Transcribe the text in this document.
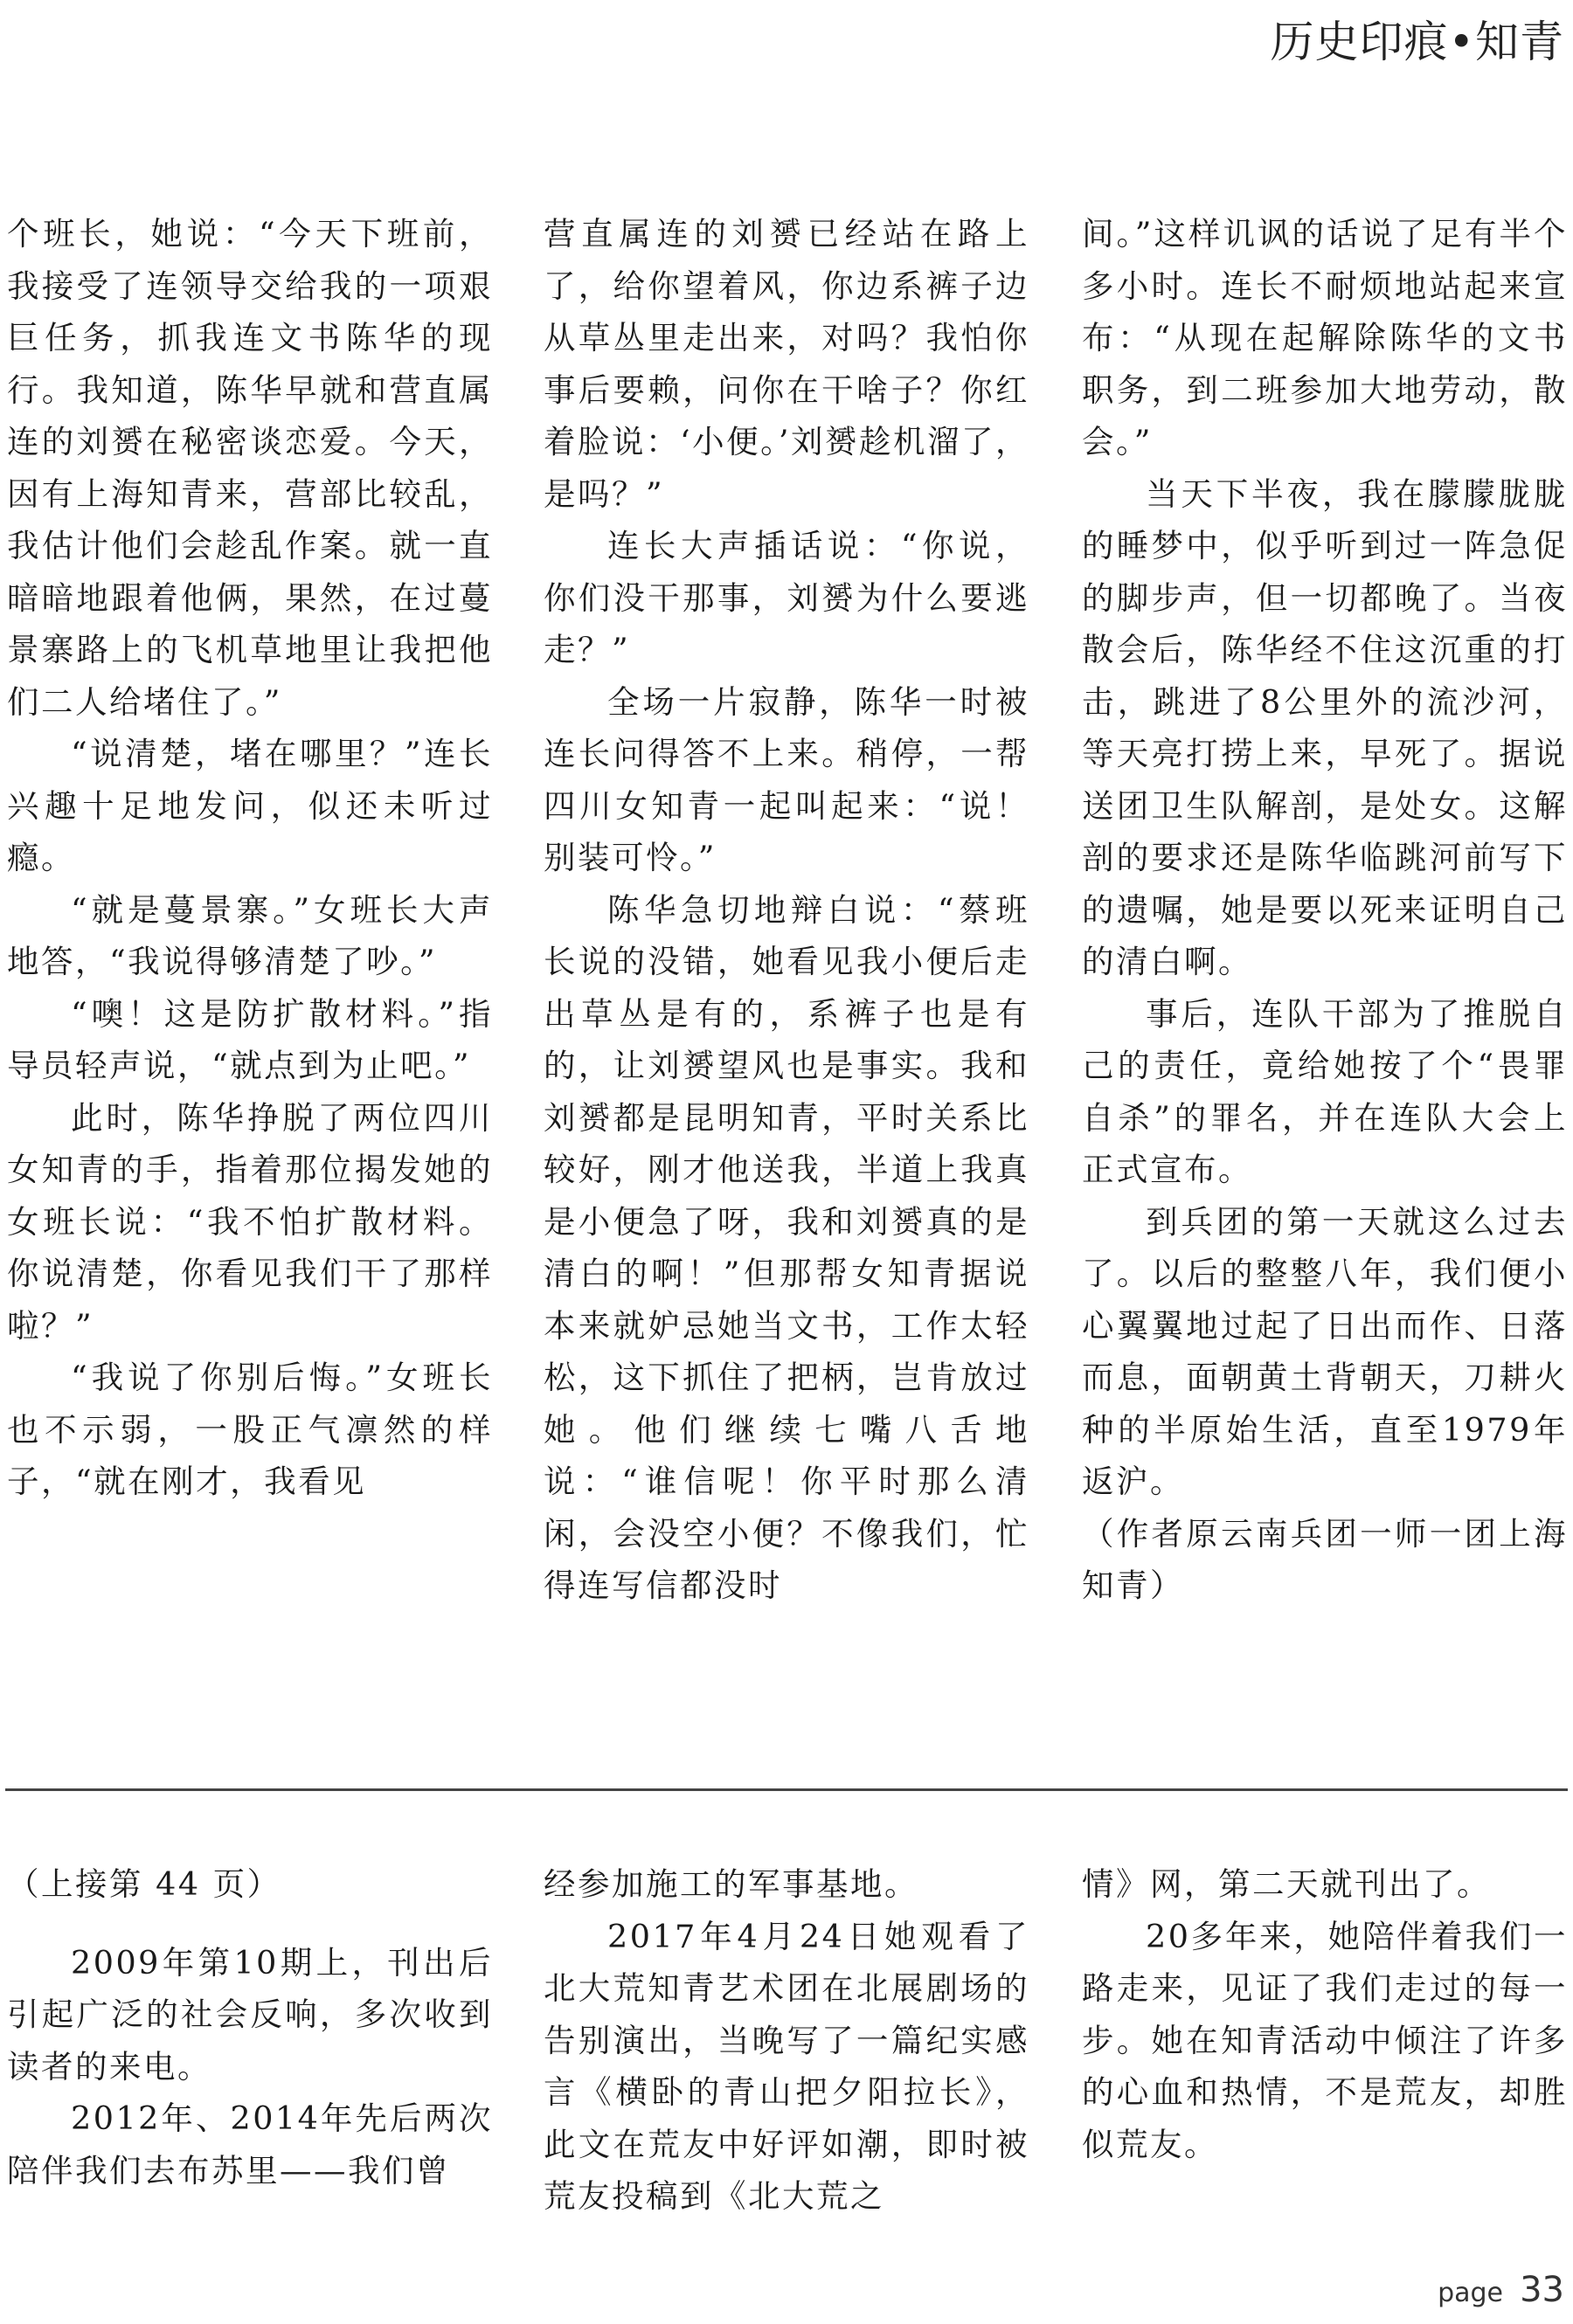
历史印痕•知青

个班长，她说：“今天下班前，我接受了连领导交给我的一项艰巨任务，抓我连文书陈华的现行。我知道，陈华早就和营直属连的刘赟在秘密谈恋爱。今天，因有上海知青来，营部比较乱，我估计他们会趁乱作案。就一直暗暗地跟着他俩，果然，在过蔓景寨路上的飞机草地里让我把他们二人给堵住了。”

“说清楚，堵在哪里？”连长兴趣十足地发问，似还未听过瘾。

“就是蔓景寨。”女班长大声地答，“我说得够清楚了吵。”

“噢！这是防扩散材料。”指导员轻声说，“就点到为止吧。”

此时，陈华挣脱了两位四川女知青的手，指着那位揭发她的女班长说：“我不怕扩散材料。你说清楚，你看见我们干了那样啦？”

“我说了你别后悔。”女班长也不示弱，一股正气凛然的样子，“就在刚才，我看见

营直属连的刘赟已经站在路上了，给你望着风，你边系裤子边从草丛里走出来，对吗？我怕你事后要赖，问你在干啥子？你红着脸说：‘小便。’刘赟趁机溜了，是吗？”

连长大声插话说：“你说，你们没干那事，刘赟为什么要逃走？”

全场一片寂静，陈华一时被连长问得答不上来。稍停，一帮四川女知青一起叫起来：“说！别装可怜。”

陈华急切地辩白说：“蔡班长说的没错，她看见我小便后走出草丛是有的，系裤子也是有的，让刘赟望风也是事实。我和刘赟都是昆明知青，平时关系比较好，刚才他送我，半道上我真是小便急了呀，我和刘赟真的是清白的啊！”但那帮女知青据说本来就妒忌她当文书，工作太轻松，这下抓住了把柄，岂肯放过她。他们继续七嘴八舌地说：“谁信呢！你平时那么清闲，会没空小便？不像我们，忙得连写信都没时

间。”这样讥讽的话说了足有半个多小时。连长不耐烦地站起来宣布：“从现在起解除陈华的文书职务，到二班参加大地劳动，散会。”

当天下半夜，我在朦朦胧胧的睡梦中，似乎听到过一阵急促的脚步声，但一切都晚了。当夜散会后，陈华经不住这沉重的打击，跳进了8公里外的流沙河，等天亮打捞上来，早死了。据说送团卫生队解剖，是处女。这解剖的要求还是陈华临跳河前写下的遗嘱，她是要以死来证明自己的清白啊。

事后，连队干部为了推脱自己的责任，竟给她按了个“畏罪自杀”的罪名，并在连队大会上正式宣布。

到兵团的第一天就这么过去了。以后的整整八年，我们便小心翼翼地过起了日出而作、日落而息，面朝黄土背朝天，刀耕火种的半原始生活，直至1979年返沪。

（作者原云南兵团一师一团上海知青）

（上接第 44 页）

2009年第10期上，刊出后引起广泛的社会反响，多次收到读者的来电。

2012年、2014年先后两次陪伴我们去布苏里——我们曾

经参加施工的军事基地。

2017年4月24日她观看了北大荒知青艺术团在北展剧场的告别演出，当晚写了一篇纪实感言《横卧的青山把夕阳拉长》，此文在荒友中好评如潮，即时被荒友投稿到《北大荒之

情》网，第二天就刊出了。

20多年来，她陪伴着我们一路走来，见证了我们走过的每一步。她在知青活动中倾注了许多的心血和热情，不是荒友，却胜似荒友。

page 33
